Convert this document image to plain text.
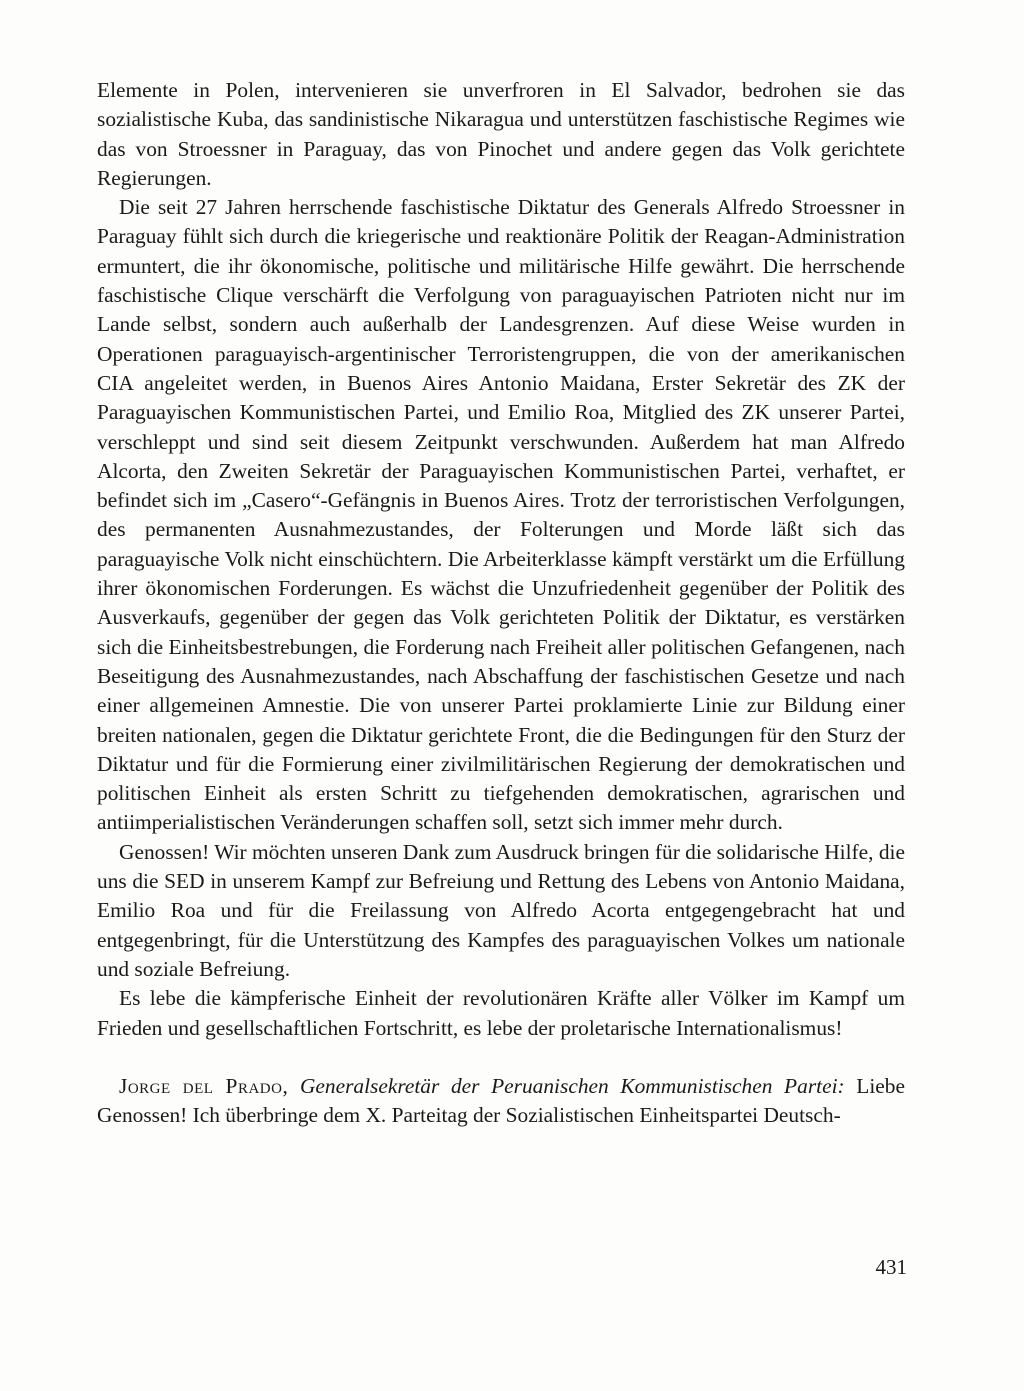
Elemente in Polen, intervenieren sie unverfroren in El Salvador, bedrohen sie das sozialistische Kuba, das sandinistische Nikaragua und unterstützen faschistische Regimes wie das von Stroessner in Paraguay, das von Pinochet und andere gegen das Volk gerichtete Regierungen.

Die seit 27 Jahren herrschende faschistische Diktatur des Generals Alfredo Stroessner in Paraguay fühlt sich durch die kriegerische und reaktionäre Politik der Reagan-Administration ermuntert, die ihr ökonomische, politische und militärische Hilfe gewährt. Die herrschende faschistische Clique verschärft die Verfolgung von paraguayischen Patrioten nicht nur im Lande selbst, sondern auch außerhalb der Landesgrenzen. Auf diese Weise wurden in Operationen paraguayisch-argentinischer Terroristengruppen, die von der amerikanischen CIA angeleitet werden, in Buenos Aires Antonio Maidana, Erster Sekretär des ZK der Paraguayischen Kommunistischen Partei, und Emilio Roa, Mitglied des ZK unserer Partei, verschleppt und sind seit diesem Zeitpunkt verschwunden. Außerdem hat man Alfredo Alcorta, den Zweiten Sekretär der Paraguayischen Kommunistischen Partei, verhaftet, er befindet sich im „Casero“-Gefängnis in Buenos Aires. Trotz der terroristischen Verfolgungen, des permanenten Ausnahmezustandes, der Folterungen und Morde läßt sich das paraguayische Volk nicht einschüchtern. Die Arbeiterklasse kämpft verstärkt um die Erfüllung ihrer ökonomischen Forderungen. Es wächst die Unzufriedenheit gegenüber der Politik des Ausverkaufs, gegenüber der gegen das Volk gerichteten Politik der Diktatur, es verstärken sich die Einheitsbestrebungen, die Forderung nach Freiheit aller politischen Gefangenen, nach Beseitigung des Ausnahmezustandes, nach Abschaffung der faschistischen Gesetze und nach einer allgemeinen Amnestie. Die von unserer Partei proklamierte Linie zur Bildung einer breiten nationalen, gegen die Diktatur gerichtete Front, die die Bedingungen für den Sturz der Diktatur und für die Formierung einer zivilmilitärischen Regierung der demokratischen und politischen Einheit als ersten Schritt zu tiefgehenden demokratischen, agrarischen und antiimperialistischen Veränderungen schaffen soll, setzt sich immer mehr durch.

Genossen! Wir möchten unseren Dank zum Ausdruck bringen für die solidarische Hilfe, die uns die SED in unserem Kampf zur Befreiung und Rettung des Lebens von Antonio Maidana, Emilio Roa und für die Freilassung von Alfredo Acorta entgegengebracht hat und entgegenbringt, für die Unterstützung des Kampfes des paraguayischen Volkes um nationale und soziale Befreiung.

Es lebe die kämpferische Einheit der revolutionären Kräfte aller Völker im Kampf um Frieden und gesellschaftlichen Fortschritt, es lebe der proletarische Internationalismus!

Jorge del Prado, Generalsekretär der Peruanischen Kommunistischen Partei: Liebe Genossen! Ich überbringe dem X. Parteitag der Sozialistischen Einheitspartei Deutsch-

431
